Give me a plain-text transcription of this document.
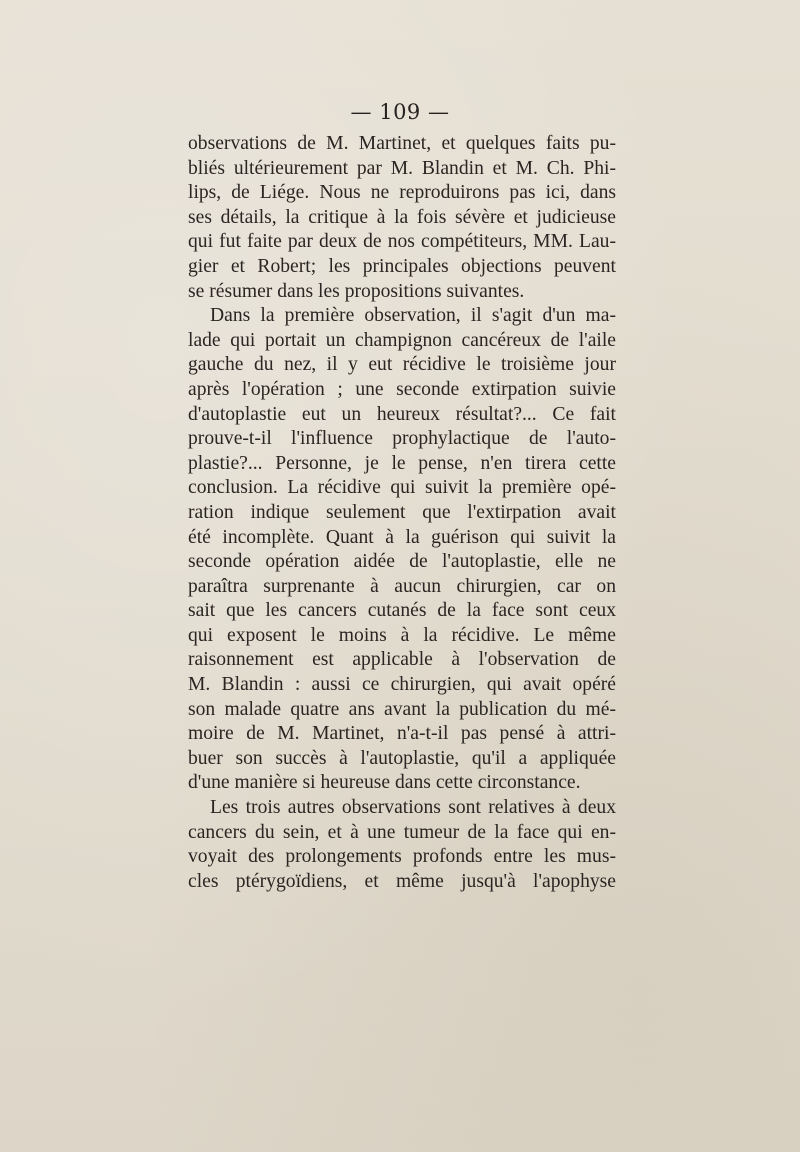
— 109 —
observations de M. Martinet, et quelques faits pu-
bliés ultérieurement par M. Blandin et M. Ch. Phi-
lips, de Liége. Nous ne reproduirons pas ici, dans
ses détails, la critique à la fois sévère et judicieuse
qui fut faite par deux de nos compétiteurs, MM. Lau-
gier et Robert; les principales objections peuvent
se résumer dans les propositions suivantes.
Dans la première observation, il s'agit d'un ma-
lade qui portait un champignon cancéreux de l'aile
gauche du nez, il y eut récidive le troisième jour
après l'opération ; une seconde extirpation suivie
d'autoplastie eut un heureux résultat?... Ce fait
prouve-t-il l'influence prophylactique de l'auto-
plastie?... Personne, je le pense, n'en tirera cette
conclusion. La récidive qui suivit la première opé-
ration indique seulement que l'extirpation avait
été incomplète. Quant à la guérison qui suivit la
seconde opération aidée de l'autoplastie, elle ne
paraîtra surprenante à aucun chirurgien, car on
sait que les cancers cutanés de la face sont ceux
qui exposent le moins à la récidive. Le même
raisonnement est applicable à l'observation de
M. Blandin : aussi ce chirurgien, qui avait opéré
son malade quatre ans avant la publication du mé-
moire de M. Martinet, n'a-t-il pas pensé à attri-
buer son succès à l'autoplastie, qu'il a appliquée
d'une manière si heureuse dans cette circonstance.
Les trois autres observations sont relatives à deux
cancers du sein, et à une tumeur de la face qui en-
voyait des prolongements profonds entre les mus-
cles ptérygoïdiens, et même jusqu'à l'apophyse
